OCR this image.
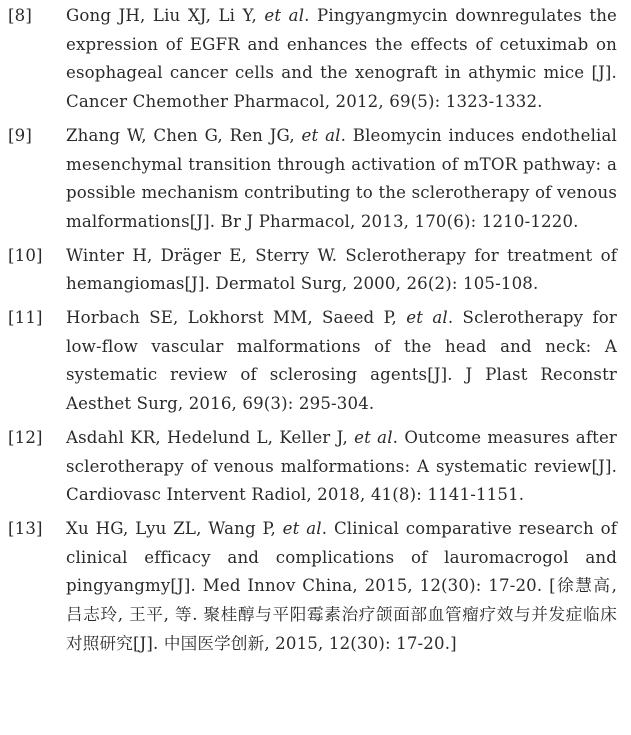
[8]	Gong JH, Liu XJ, Li Y, et al. Pingyangmycin downregulates the expression of EGFR and enhances the effects of cetuximab on esophageal cancer cells and the xenograft in athymic mice [J]. Cancer Chemother Pharmacol, 2012, 69(5): 1323-1332.
[9]	Zhang W, Chen G, Ren JG, et al. Bleomycin induces endothelial mesenchymal transition through activation of mTOR pathway: a possible mechanism contributing to the sclerotherapy of venous malformations[J]. Br J Pharmacol, 2013, 170(6): 1210-1220.
[10]	Winter H, Dräger E, Sterry W. Sclerotherapy for treatment of hemangiomas[J]. Dermatol Surg, 2000, 26(2): 105-108.
[11]	Horbach SE, Lokhorst MM, Saeed P, et al. Sclerotherapy for low-flow vascular malformations of the head and neck: A systematic review of sclerosing agents[J]. J Plast Reconstr Aesthet Surg, 2016, 69(3): 295-304.
[12]	Asdahl KR, Hedelund L, Keller J, et al. Outcome measures after sclerotherapy of venous malformations: A systematic review[J]. Cardiovasc Intervent Radiol, 2018, 41(8): 1141-1151.
[13]	Xu HG, Lyu ZL, Wang P, et al. Clinical comparative research of clinical efficacy and complications of lauromacrogol and pingyangmy[J]. Med Innov China, 2015, 12(30): 17-20. [徐慧高, 吕志玲, 王平, 等. 聚桂醇与平阳霉素治疗颌面部血管瘤疗效与并发症临床对照研究[J]. 中国医学创新, 2015, 12(30): 17-20.]
